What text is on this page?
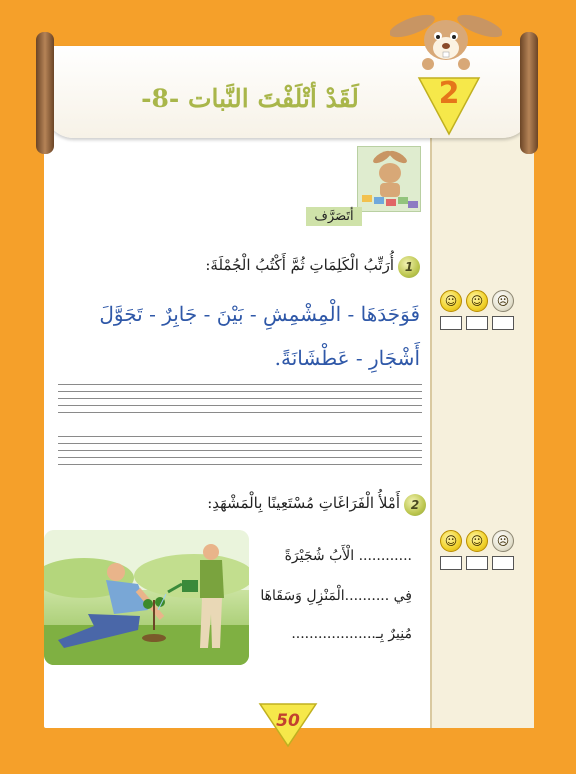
2
لَقَدْ أتْلَفْتَ النَّبات -8-
أتَصَرَّف
1
أُرَتِّبُ الْكَلِمَاتِ ثُمَّ أَكْتُبُ الْجُمْلَةَ:
فَوَجَدَهَا - الْمِشْمِشِ - بَيْنَ - جَابِرٌ - تَجَوَّلَ
أَشْجَارِ - عَطْشَانَةً.
☺	☺	☹
2
أَمْلأُ الْفَرَاغَاتِ مُسْتَعِينًا بِالْمَشْهَدِ:
☺	☺	☹
............ الْأَبُ شُجَيْرَةً
فِي ..........الْمَنْزِلِ وَسَقَاهَا
مُنِيرٌ بِـ...................
50
